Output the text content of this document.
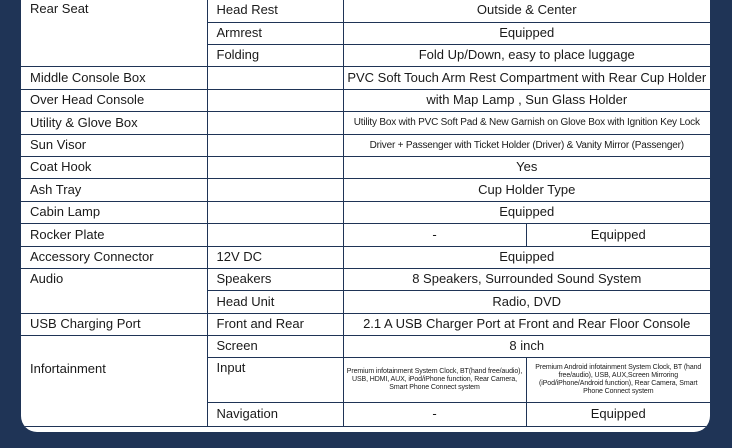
Rear Seat	Head Rest	Outside & Center	
	Armrest	Equipped	
	Folding	Fold Up/Down, easy to place luggage	
Middle Console Box		PVC Soft Touch Arm Rest Compartment with Rear Cup Holder	
Over Head Console		with Map Lamp , Sun Glass Holder	
Utility & Glove Box		Utility Box with PVC Soft Pad & New Garnish on Glove Box with Ignition Key Lock	
Sun Visor		Driver + Passenger with Ticket Holder (Driver) & Vanity Mirror (Passenger)	
Coat Hook		Yes	
Ash Tray		Cup Holder Type	
Cabin Lamp		Equipped	
Rocker Plate		-	Equipped
Accessory Connector	12V DC	Equipped	
Audio	Speakers	8 Speakers, Surrounded Sound System	
	Head Unit	Radio, DVD	
USB Charging Port	Front and Rear	2.1 A USB Charger Port at Front and Rear Floor Console	
Infortainment	Screen	8 inch	
	Input	Premium infotainment System Clock, BT(hand free/audio), USB, HDMI, AUX, iPod/iPhone function, Rear Camera, Smart Phone Connect system	Premium Android infotainment System Clock, BT (hand free/audio), USB, AUX,Screen Mirroring (iPod/iPhone/Android function), Rear Camera, Smart Phone Connect system
	Navigation	-	Equipped
